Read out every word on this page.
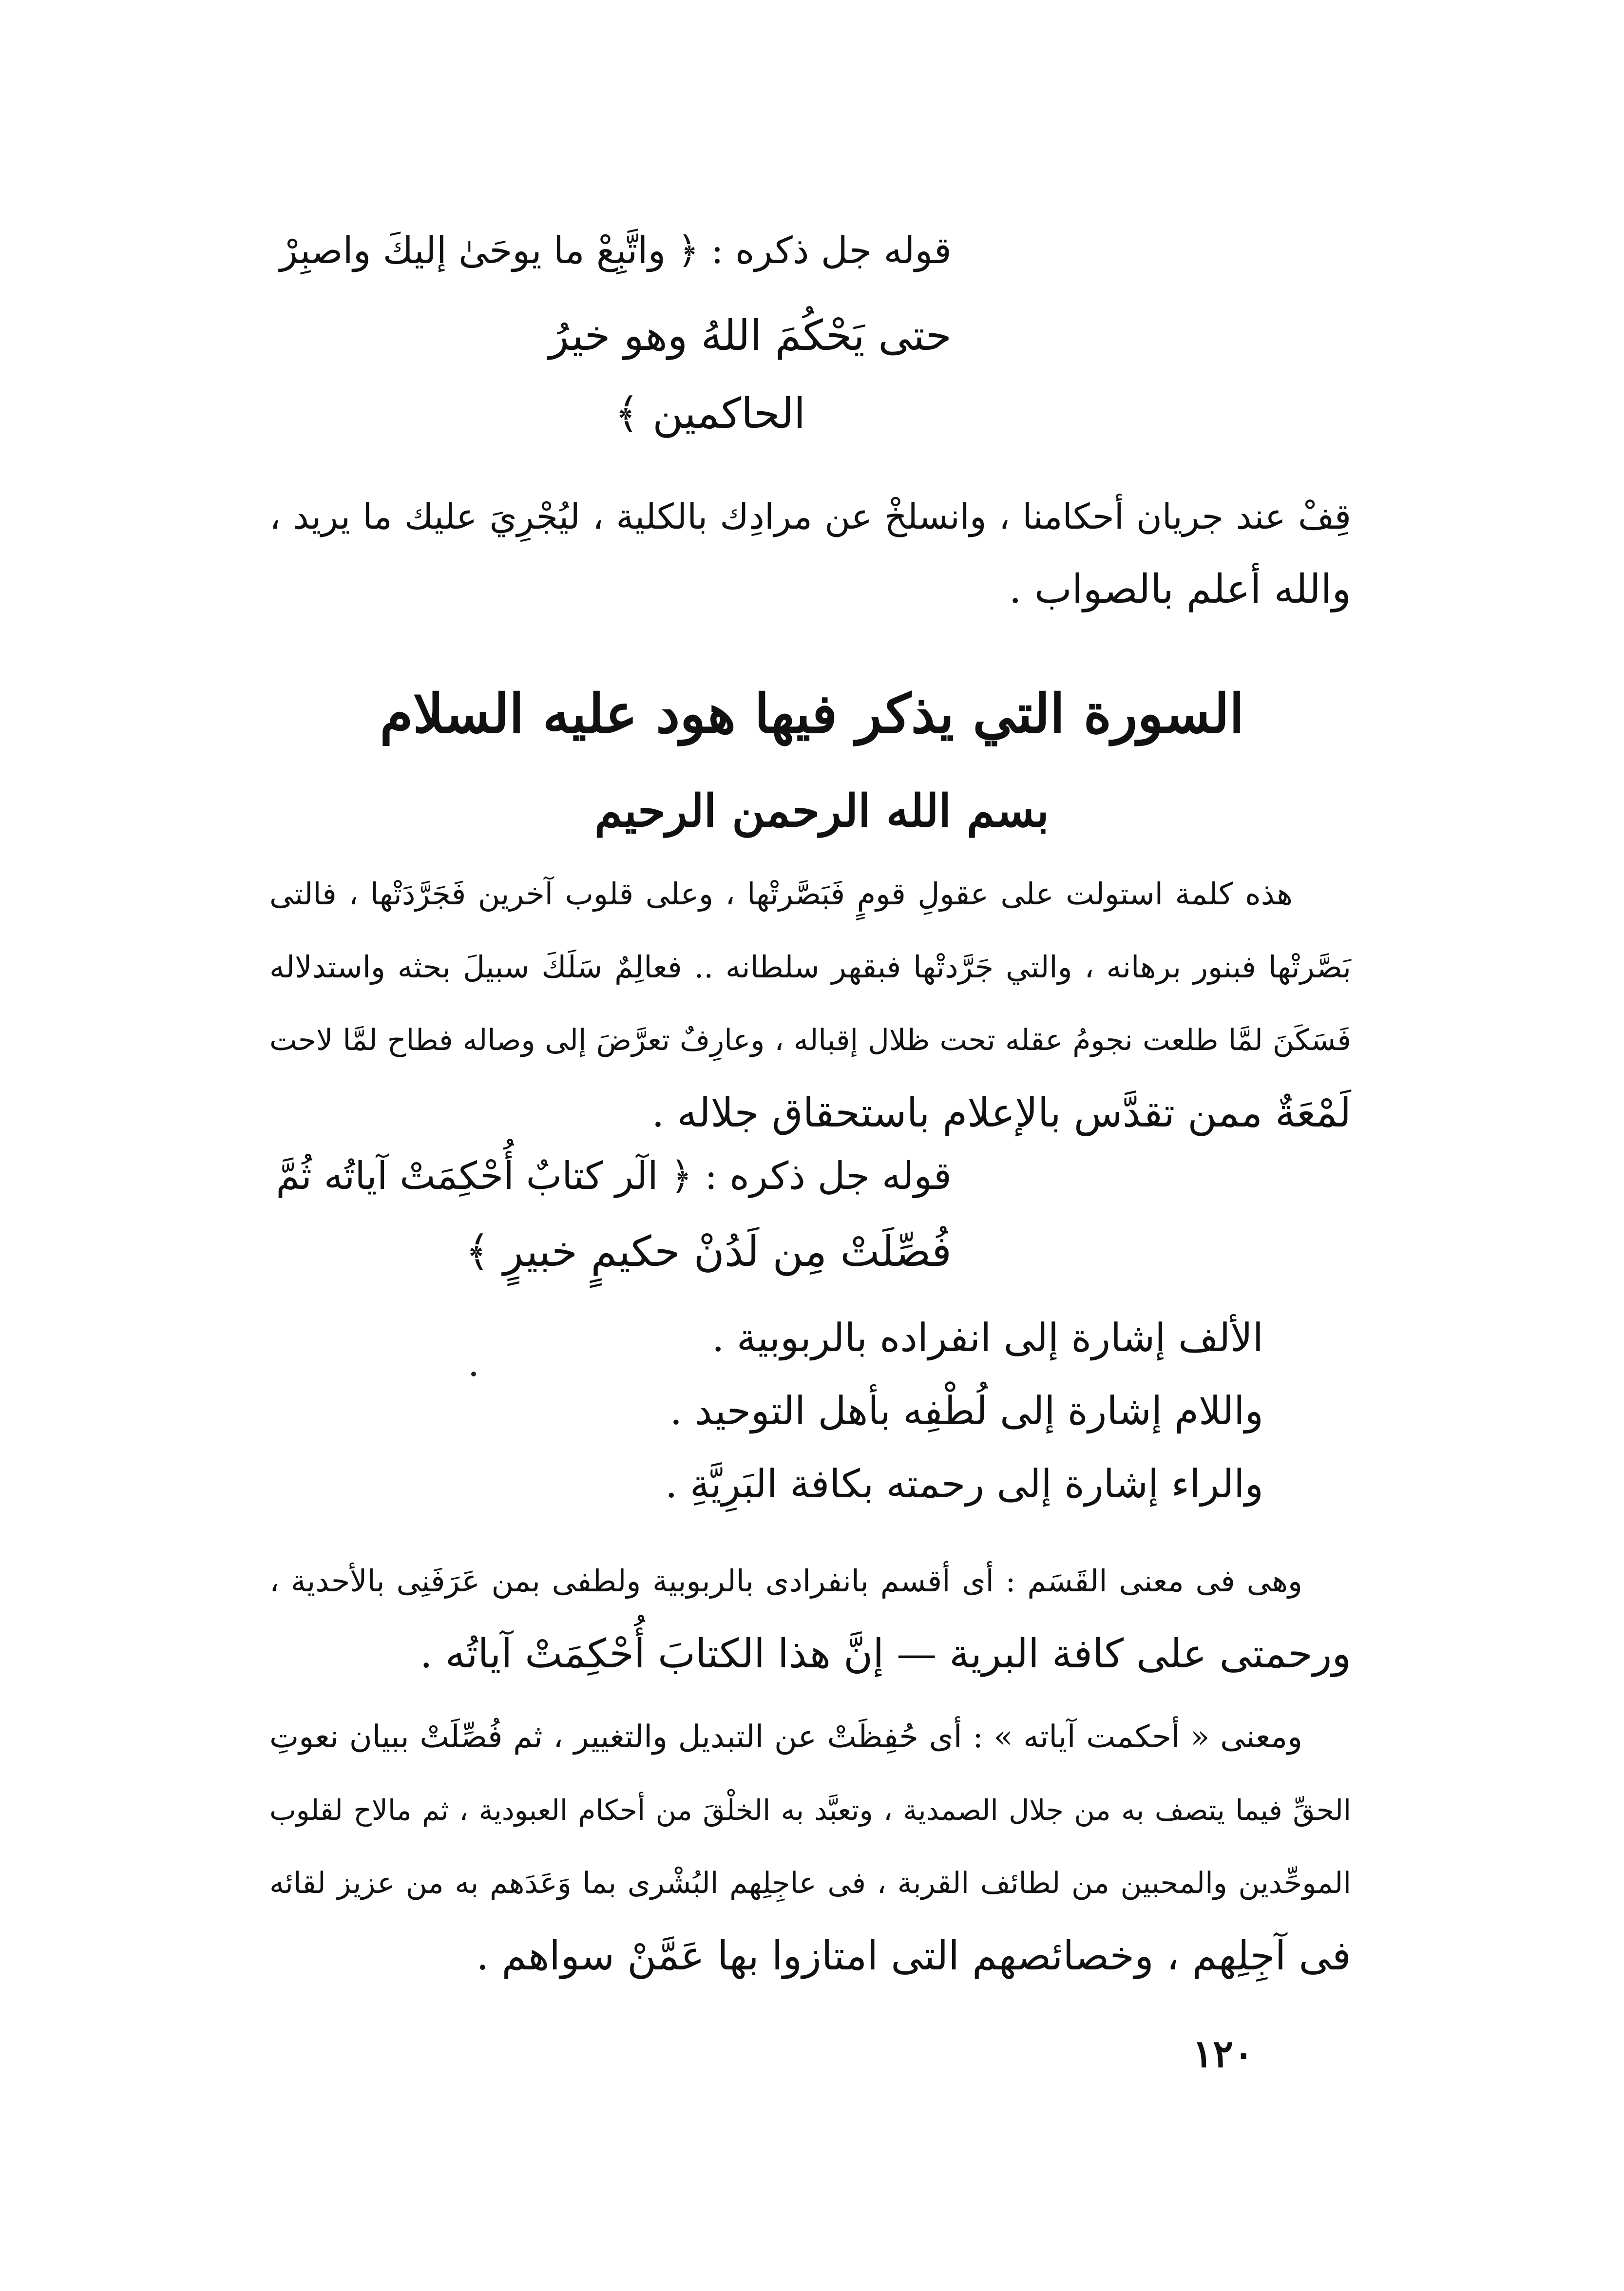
قوله جل ذكره : ﴿ واتَّبِعْ ما يوحَىٰ إليكَ واصبِرْ
حتى يَحْكُمَ اللهُ وهو خيرُ
الحاكمين ﴾
قِفْ عند جريان أحكامنا ، وانسلخْ عن مرادِك بالكلية ، ليُجْرِيَ عليك ما يريد ،
والله أعلم بالصواب .
السورة التي يذكر فيها هود عليه السلام
بسم الله الرحمن الرحيم
هذه كلمة استولت على عقولِ قومٍ فَبَصَّرتْها ، وعلى قلوب آخرين فَجَرَّدَتْها ، فالتى
بَصَّرتْها فبنور برهانه ، والتي جَرَّدتْها فبقهر سلطانه .. فعالِمٌ سَلَكَ سبيلَ بحثه واستدلاله
فَسَكَنَ لمَّا طلعت نجومُ عقله تحت ظلال إقباله ، وعارِفٌ تعرَّضَ إلى وصاله فطاح لمَّا لاحت
لَمْعَةٌ ممن تقدَّس بالإعلام باستحقاق جلاله .
قوله جل ذكره : ﴿ الٓر كتابٌ أُحْكِمَتْ آياتُه ثُمَّ
فُصِّلَتْ مِن لَدُنْ حكيمٍ خبيرٍ ﴾
الألف إشارة إلى انفراده بالربوبية .
واللام إشارة إلى لُطْفِه بأهل التوحيد .
والراء إشارة إلى رحمته بكافة البَرِيَّةِ .
وهى فى معنى القَسَم : أى أقسم بانفرادى بالربوبية ولطفى بمن عَرَفَنِى بالأحدية ،
ورحمتى على كافة البرية — إنَّ هذا الكتابَ أُحْكِمَتْ آياتُه .
ومعنى « أحكمت آياته » : أى حُفِظَتْ عن التبديل والتغيير ، ثم فُصِّلَتْ ببيان نعوتِ
الحقِّ فيما يتصف به من جلال الصمدية ، وتعبَّد به الخلْقَ من أحكام العبودية ، ثم مالاح لقلوب
الموحِّدين والمحبين من لطائف القربة ، فى عاجِلِهم البُشْرى بما وَعَدَهم به من عزيز لقائه
فى آجِلِهم ، وخصائصهم التى امتازوا بها عَمَّنْ سواهم .
١٢٠
